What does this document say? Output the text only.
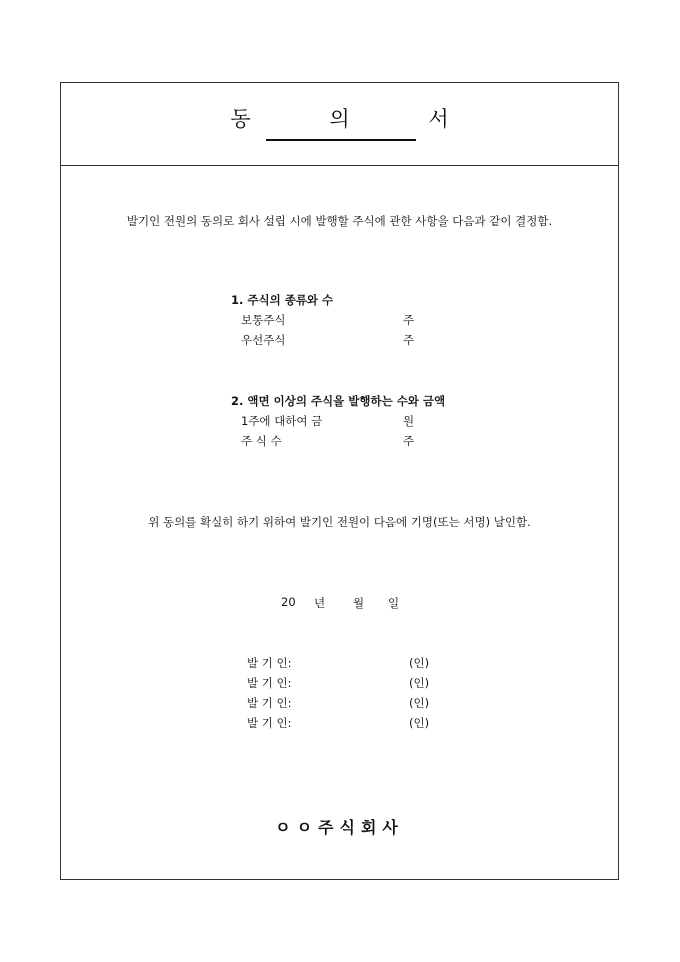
동 의 서
발기인 전원의 동의로 회사 설립 시에 발행할 주식에 관한 사항을 다음과 같이 결정함.
1. 주식의 종류와 수
보통주식	주
우선주식	주
2. 액면 이상의 주식을 발행하는 수와 금액
1주에 대하여 금	원
주 식 수	주
위 동의를 확실히 하기 위하여 발기인 전원이 다음에 기명(또는 서명) 날인함.
20 년 월 일
발 기 인:	(인)
발 기 인:	(인)
발 기 인:	(인)
발 기 인:	(인)
ㅇㅇ주식회사
